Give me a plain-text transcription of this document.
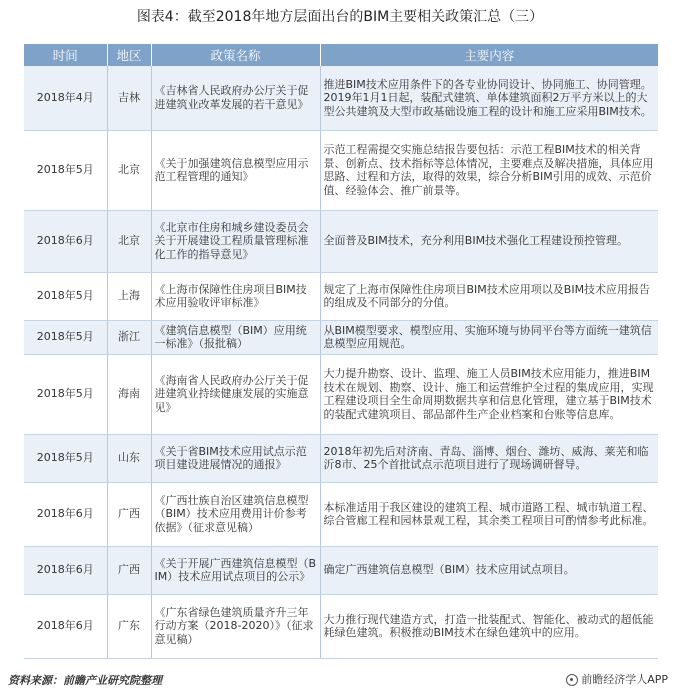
图表4：截至2018年地方层面出台的BIM主要相关政策汇总（三）
时间	地区	政策名称	主要内容
2018年4月	吉林	《吉林省人民政府办公厅关于促进建筑业改革发展的若干意见》	推进BIM技术应用条件下的各专业协同设计、协同施工、协同管理。2019年1月1日起，装配式建筑、单体建筑面积2万平方米以上的大型公共建筑及大型市政基础设施工程的设计和施工应采用BIM技术。
2018年5月	北京	《关于加强建筑信息模型应用示范工程管理的通知》	示范工程需提交实施总结报告要包括：示范工程BIM技术的相关背景、创新点、技术指标等总体情况，主要难点及解决措施，具体应用思路、过程和方法，取得的效果，综合分析BIM引用的成效、示范价值、经验体会、推广前景等。
2018年6月	北京	《北京市住房和城乡建设委员会关于开展建设工程质量管理标准化工作的指导意见》	全面普及BIM技术，充分利用BIM技术强化工程建设预控管理。
2018年5月	上海	《上海市保障性住房项目BIM技术应用验收评审标准》	规定了上海市保障性住房项目BIM技术应用项以及BIM技术应用报告的组成及不同部分的分值。
2018年5月	浙江	《建筑信息模型（BIM）应用统一标准》（报批稿）	从BIM模型要求、模型应用、实施环境与协同平台等方面统一建筑信息模型应用规范。
2018年5月	海南	《海南省人民政府办公厅关于促进建筑业持续健康发展的实施意见》	大力提升勘察、设计、监理、施工人员BIM技术应用能力，推进BIM技术在规划、勘察、设计、施工和运营维护全过程的集成应用，实现工程建设项目全生命周期数据共享和信息化管理，建立基于BIM技术的装配式建筑项目、部品部件生产企业档案和台账等信息库。
2018年5月	山东	《关于省BIM技术应用试点示范项目建设进展情况的通报》	2018年初先后对济南、青岛、淄博、烟台、潍坊、威海、莱芜和临沂8市、25个首批试点示范项目进行了现场调研督导。
2018年6月	广西	《广西壮族自治区建筑信息模型（BIM）技术应用费用计价参考依据》（征求意见稿）	本标准适用于我区建设的建筑工程、城市道路工程、城市轨道工程、综合管廊工程和园林景观工程，其余类工程项目可酌情参考此标准。
2018年6月	广西	《关于开展广西建筑信息模型（BIM）技术应用试点项目的公示》	确定广西建筑信息模型（BIM）技术应用试点项目。
2018年6月	广东	《广东省绿色建筑质量齐升三年行动方案（2018-2020）》（征求意见稿）	大力推行现代建造方式，打造一批装配式、智能化、被动式的超低能耗绿色建筑。积极推动BIM技术在绿色建筑中的应用。
资料来源：前瞻产业研究院整理	前瞻经济学人APP
